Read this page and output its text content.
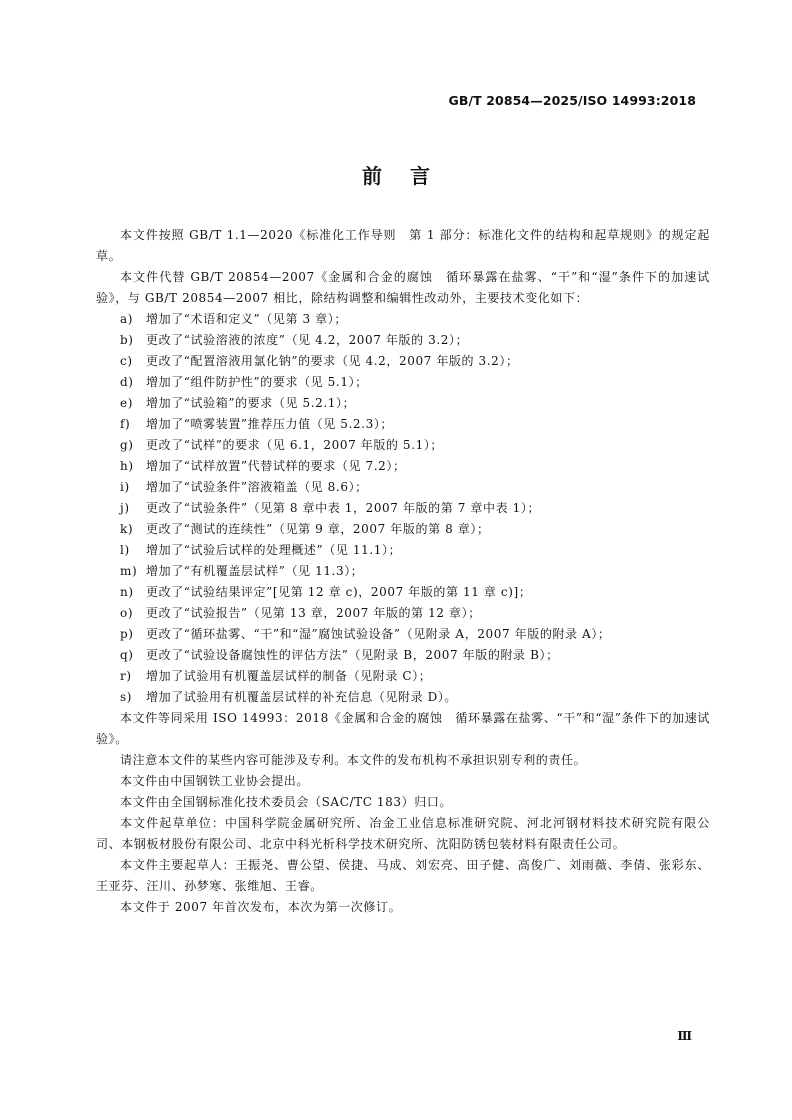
GB/T 20854—2025/ISO 14993:2018
前言

本文件按照 GB/T 1.1—2020《标准化工作导则　第 1 部分：标准化文件的结构和起草规则》的规定起草。

本文件代替 GB/T 20854—2007《金属和合金的腐蚀　循环暴露在盐雾、“干”和“湿”条件下的加速试验》，与 GB/T 20854—2007 相比，除结构调整和编辑性改动外，主要技术变化如下：

a)	增加了“术语和定义”（见第 3 章）；
b)	更改了“试验溶液的浓度”（见 4.2，2007 年版的 3.2）；
c)	更改了“配置溶液用氯化钠”的要求（见 4.2，2007 年版的 3.2）；
d)	增加了“组件防护性”的要求（见 5.1）；
e)	增加了“试验箱”的要求（见 5.2.1）；
f)	增加了“喷雾装置”推荐压力值（见 5.2.3）；
g)	更改了“试样”的要求（见 6.1，2007 年版的 5.1）；
h)	增加了“试样放置”代替试样的要求（见 7.2）；
i)	增加了“试验条件”溶液箱盖（见 8.6）；
j)	更改了“试验条件”（见第 8 章中表 1，2007 年版的第 7 章中表 1）；
k)	更改了“测试的连续性”（见第 9 章，2007 年版的第 8 章）；
l)	增加了“试验后试样的处理概述”（见 11.1）；
m) 增加了“有机覆盖层试样”（见 11.3）；
n)	更改了“试验结果评定”[见第 12 章 c)，2007 年版的第 11 章 c)]；
o)	更改了“试验报告”（见第 13 章，2007 年版的第 12 章）；
p)	更改了“循环盐雾、“干”和“湿”腐蚀试验设备”（见附录 A，2007 年版的附录 A）；
q)	更改了“试验设备腐蚀性的评估方法”（见附录 B，2007 年版的附录 B）；
r)	增加了试验用有机覆盖层试样的制备（见附录 C）；
s)	增加了试验用有机覆盖层试样的补充信息（见附录 D）。

本文件等同采用 ISO 14993：2018《金属和合金的腐蚀　循环暴露在盐雾、“干”和“湿”条件下的加速试验》。

请注意本文件的某些内容可能涉及专利。本文件的发布机构不承担识别专利的责任。

本文件由中国钢铁工业协会提出。

本文件由全国钢标准化技术委员会（SAC/TC 183）归口。

本文件起草单位：中国科学院金属研究所、冶金工业信息标准研究院、河北河钢材料技术研究院有限公司、本钢板材股份有限公司、北京中科光析科学技术研究所、沈阳防锈包装材料有限责任公司。

本文件主要起草人：王振尧、曹公望、侯捷、马成、刘宏亮、田子健、高俊广、刘雨薇、李倩、张彩东、王亚芬、汪川、孙梦寒、张维旭、王睿。

本文件于 2007 年首次发布，本次为第一次修订。

Ⅲ
